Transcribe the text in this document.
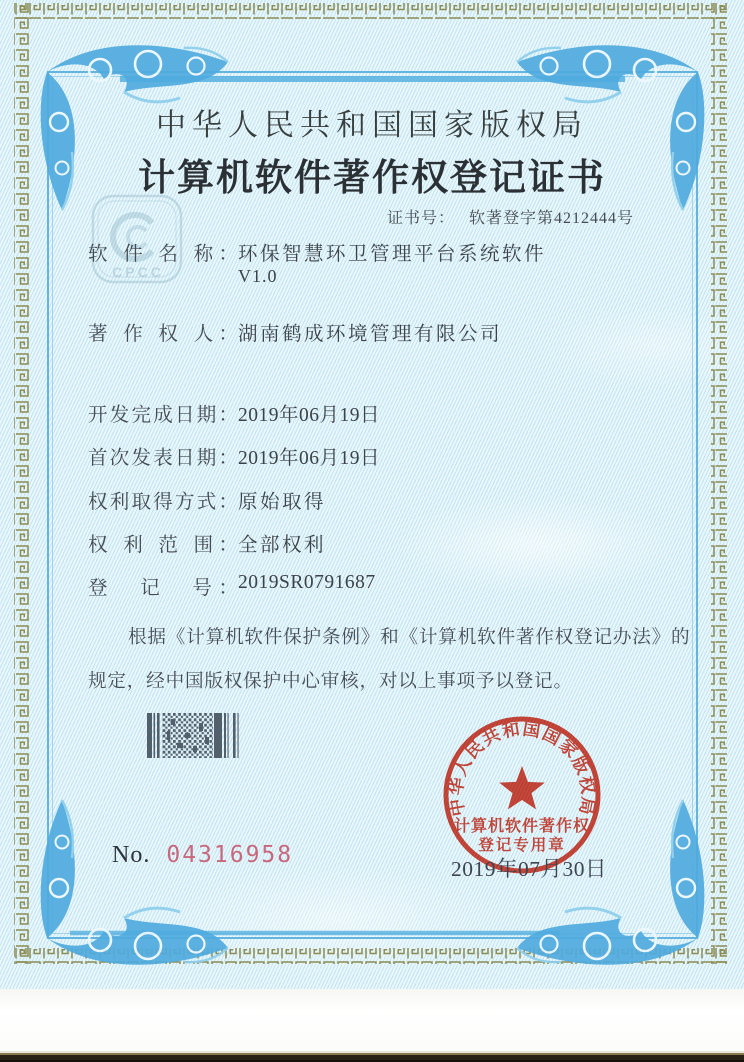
CPCC
中华人民共和国国家版权局
计算机软件著作权登记证书
证书号： 软著登字第4212444号
软 件 名 称：环保智慧环卫管理平台系统软件
V1.0
著 作 权 人：湖南鹤成环境管理有限公司
开发完成日期：2019年06月19日
首次发表日期：2019年06月19日
权利取得方式：原始取得
权 利 范 围：全部权利
登　记　号：2019SR0791687
根据《计算机软件保护条例》和《计算机软件著作权登记办法》的
规定，经中国版权保护中心审核，对以上事项予以登记。
No. 04316958
中华人民共和国国家版权局
计算机软件著作权
登记专用章
2019年07月30日
